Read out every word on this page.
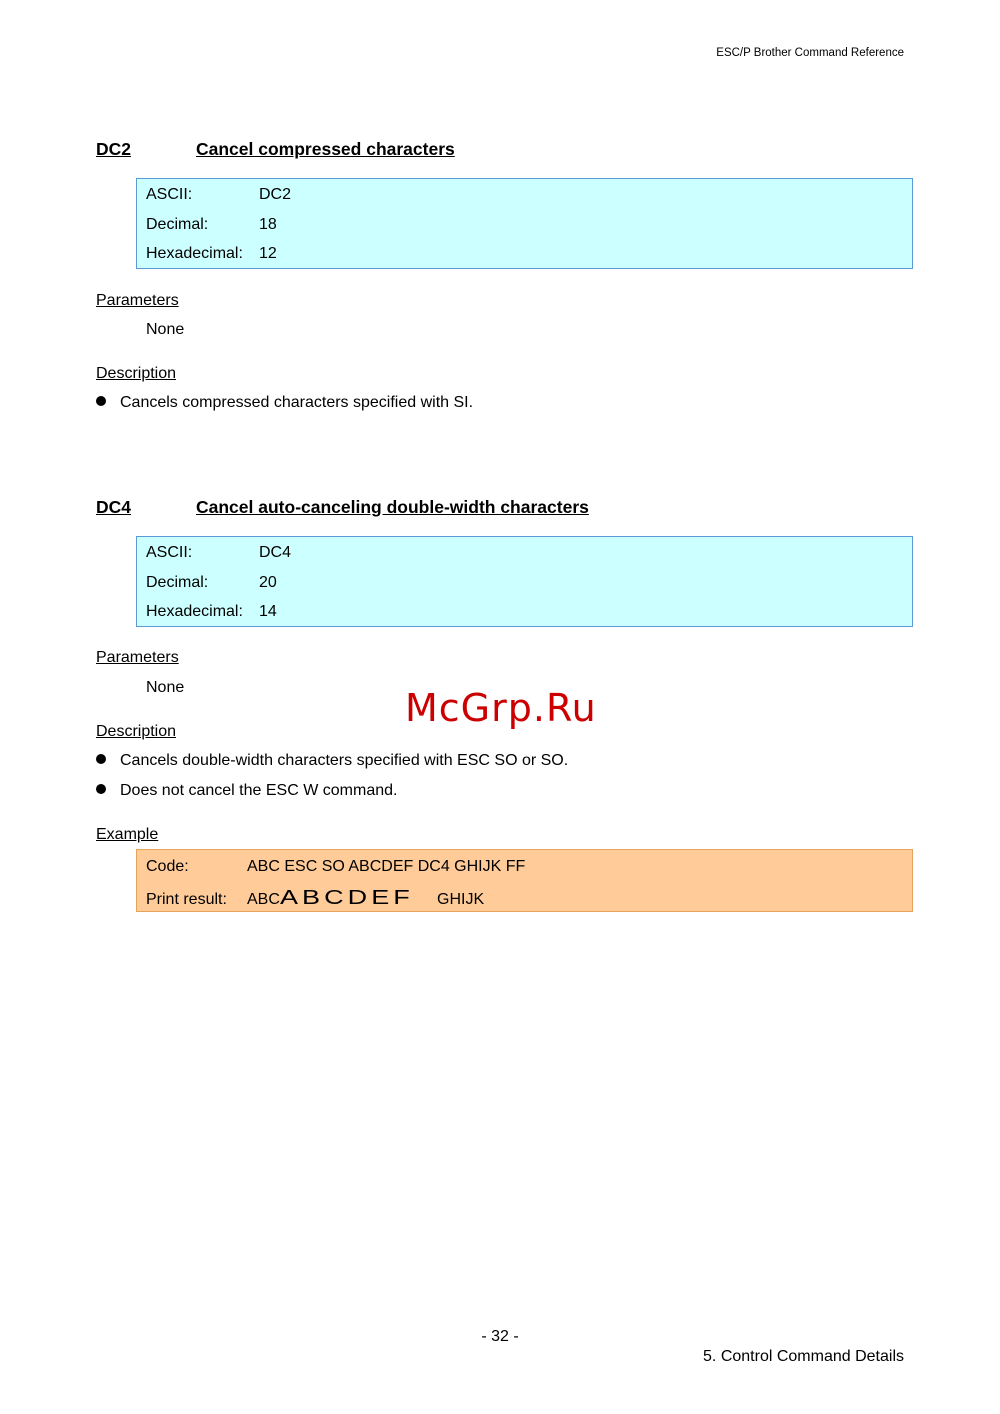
ESC/P Brother Command Reference
DC2	Cancel compressed characters
ASCII:	DC2
Decimal:	18
Hexadecimal: 12
Parameters
None
Description
Cancels compressed characters specified with SI.
DC4	Cancel auto-canceling double-width characters
ASCII:	DC4
Decimal:	20
Hexadecimal: 14
Parameters
None	McGrp.Ru
Description
Cancels double-width characters specified with ESC SO or SO.
Does not cancel the ESC W command.
Example
Code:	ABC ESC SO ABCDEF DC4 GHIJK FF
Print result: ABCABCDEF GHIJK
- 32 -
5. Control Command Details
